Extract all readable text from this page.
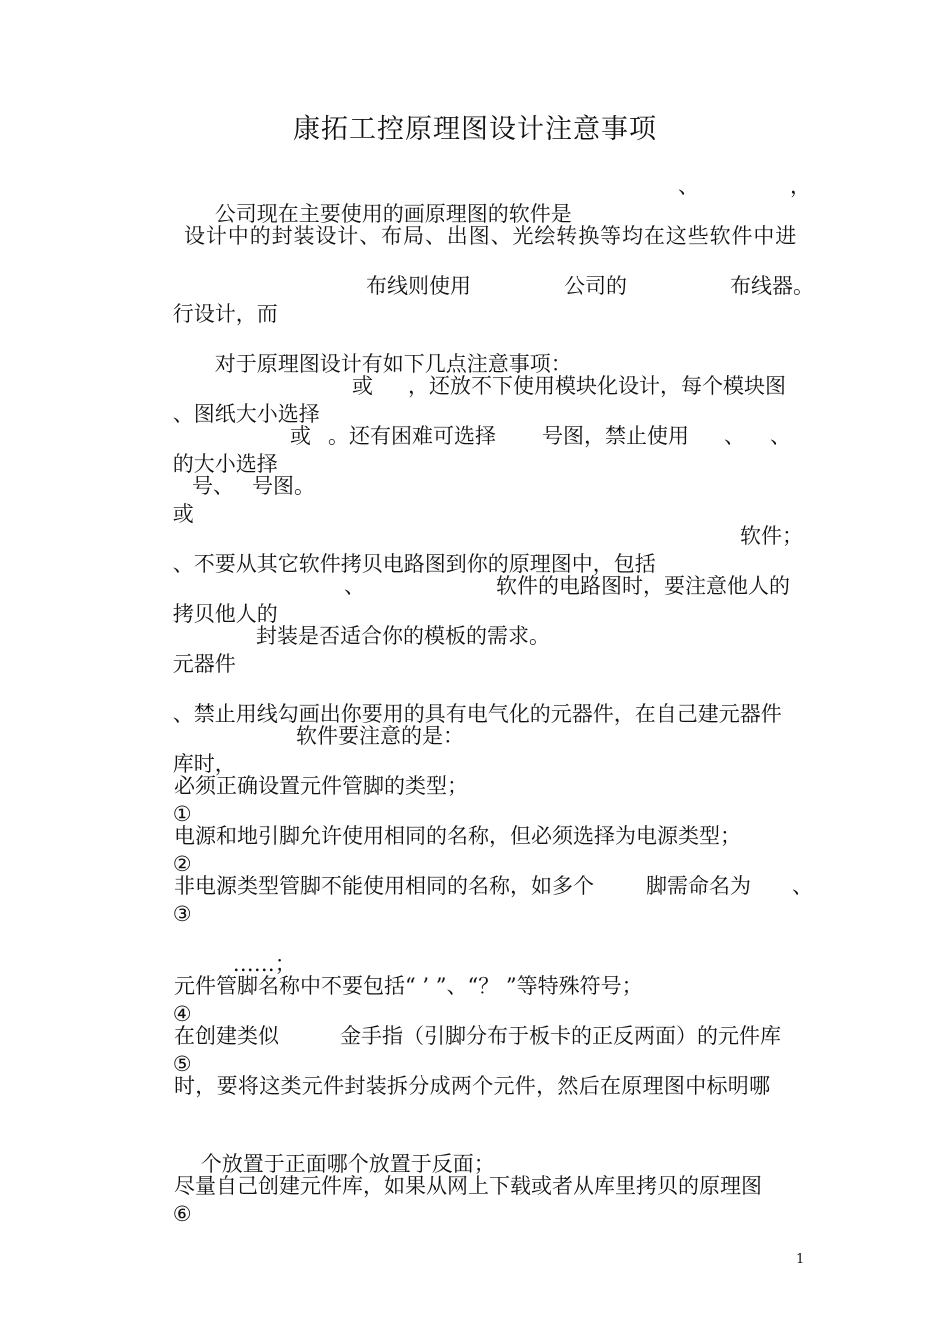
康拓工控原理图设计注意事项

公司现在主要使用的画原理图的软件是

、

	，

设计中的封装设计、布局、出图、光绘转换等均在这些软件中进

行设计，而

布线则使用

	公司的

	布线器。

对于原理图设计有如下几点注意事项：

、图纸大小选择

或

，还放不下使用模块化设计，每个模块图

的大小选择

或

。还有困难可选择

号图，禁止使用

、

、

或

号、

号图。

、不要从其它软件拷贝电路图到你的原理图中，包括

软件；

拷贝他人的

、

	软件的电路图时，要注意他人的

元器件

封装是否适合你的模板的需求。

、禁止用线勾画出你要用的具有电气化的元器件，在自己建元器件

库时，

软件要注意的是：

①

必须正确设置元件管脚的类型；

②

电源和地引脚允许使用相同的名称，但必须选择为电源类型；

③

非电源类型管脚不能使用相同的名称，如多个

脚需命名为

、

……；

④

元件管脚名称中不要包括“ ’ ”、“？ ”等特殊符号；

⑤

在创建类似

	金手指（引脚分布于板卡的正反两面）的元件库

时，要将这类元件封装拆分成两个元件，然后在原理图中标明哪

个放置于正面哪个放置于反面；

⑥

尽量自己创建元件库，如果从网上下载或者从库里拷贝的原理图

1
